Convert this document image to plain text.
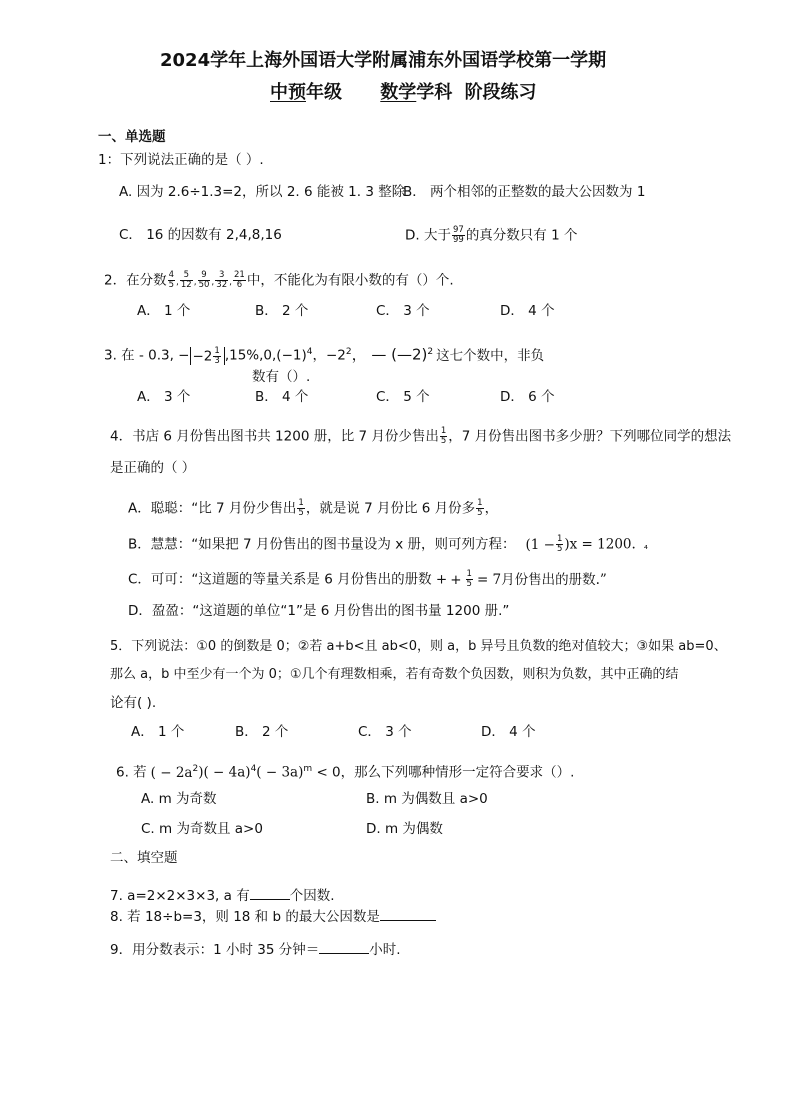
2024学年上海外国语大学附属浦东外国语学校第一学期
中预年级 数学学科 阶段练习
一、单选题
1：下列说法正确的是（ ）.
A. 因为 2.6÷1.3=2，所以 2. 6 能被 1. 3 整除
B． 两个相邻的正整数的最大公因数为 1
C． 16 的因数有 2,4,8,16	D. 大于 $\frac{97}{99}$ 的真分数只有 1 个
2．在分数 $\frac{4}{5}$ , $\frac{5}{12}$ , $\frac{9}{50}$ , $\frac{3}{32}$ , $\frac{21}{6}$ 中，不能化为有限小数的有（）个.
A． 1 个	B． 2 个	C． 3 个	D． 4 个
3. 在 - 0.3, − $-2 \frac{1}{3} ,15\%,0,(-1)^4$，$-2^2$， — (—2)$^2$ 这七个数中，非负
数有（）.
A． 3 个	B． 4 个	C． 5 个	D． 6 个
4．书店 6 月份售出图书共 1200 册，比 7 月份少售出 $\frac{1}{5}$ ，7 月份售出图书多少册？下列哪位同学的想法
是正确的（ ）
A．聪聪：“比 7 月份少售出 $\frac{1}{5}$ ，就是说 7 月份比 6 月份多 $\frac{1}{5}$ ，
B．慧慧：“如果把 7 月份售出的图书量设为 x 册，则可列方程： $(1 - \frac{1}{5} )x = 1200$. ₄
C．可可：“这道题的等量关系是 6 月份售出的册数 + + $\frac{1}{5} = 7$月份售出的册数.”
D．盈盈：“这道题的单位“1”是 6 月份售出的图书量 1200 册.”
5．下列说法：①0 的倒数是 0；②若 a+b<且 ab<0，则 a，b 异号且负数的绝对值较大；③如果 ab=0、
那么 a，b 中至少有一个为 0；①几个有理数相乘，若有奇数个负因数，则积为负数，其中正确的结
论有( ).
A． 1 个	B． 2 个	C． 3 个	D． 4 个
6. 若 ( − $2a^2)( - 4a)^4( - 3a)^m < 0$，那么下列哪种情形一定符合要求（）.
A. m 为奇数	B. m 为偶数且 a>0
C. m 为奇数且 a>0	D. m 为偶数
二、填空题
7. a=2×2×3×3, a 有	个因数.
8. 若 18÷b=3，则 18 和 b 的最大公因数是
9．用分数表示：1 小时 35 分钟＝	小时.
